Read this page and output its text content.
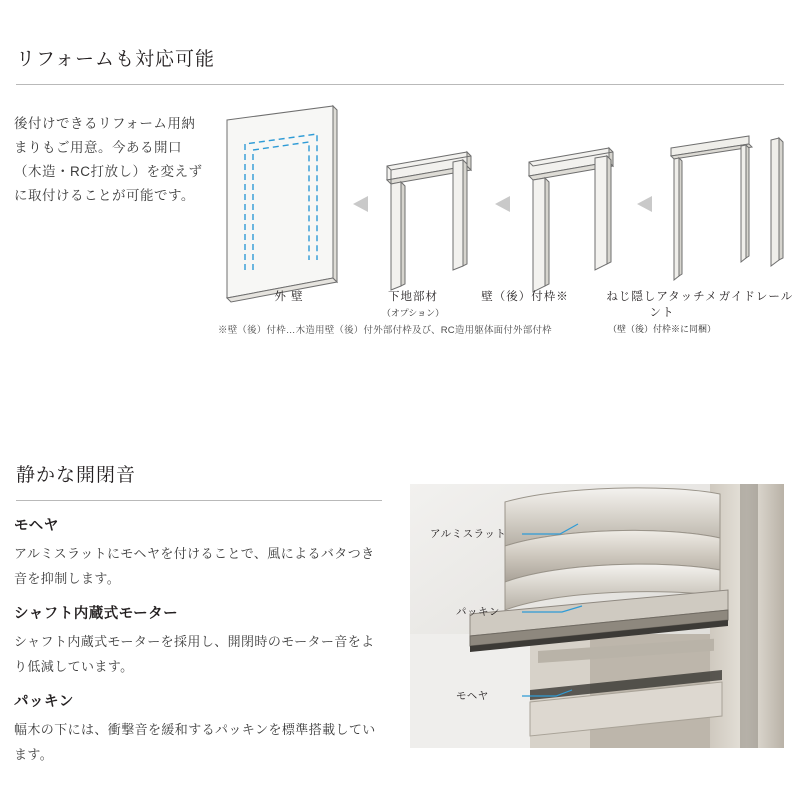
リフォームも対応可能
後付けできるリフォーム用納まりもご用意。今ある開口（木造・RC打放し）を変えずに取付けることが可能です。
外 壁	下地部材
（オプション）
壁（後）付枠※	ねじ隠しアタッチメント
（壁（後）付枠※に同梱）
ガイドレール
※壁（後）付枠…木造用壁（後）付外部付枠及び、RC造用躯体面付外部付枠
静かな開閉音
モヘヤ

アルミスラットにモヘヤを付けることで、風によるバタつき音を抑制します。

シャフト内蔵式モーター

シャフト内蔵式モーターを採用し、開閉時のモーター音をより低減しています。

パッキン

幅木の下には、衝撃音を緩和するパッキンを標準搭載しています。

アルミスラット
パッキン
モヘヤ
